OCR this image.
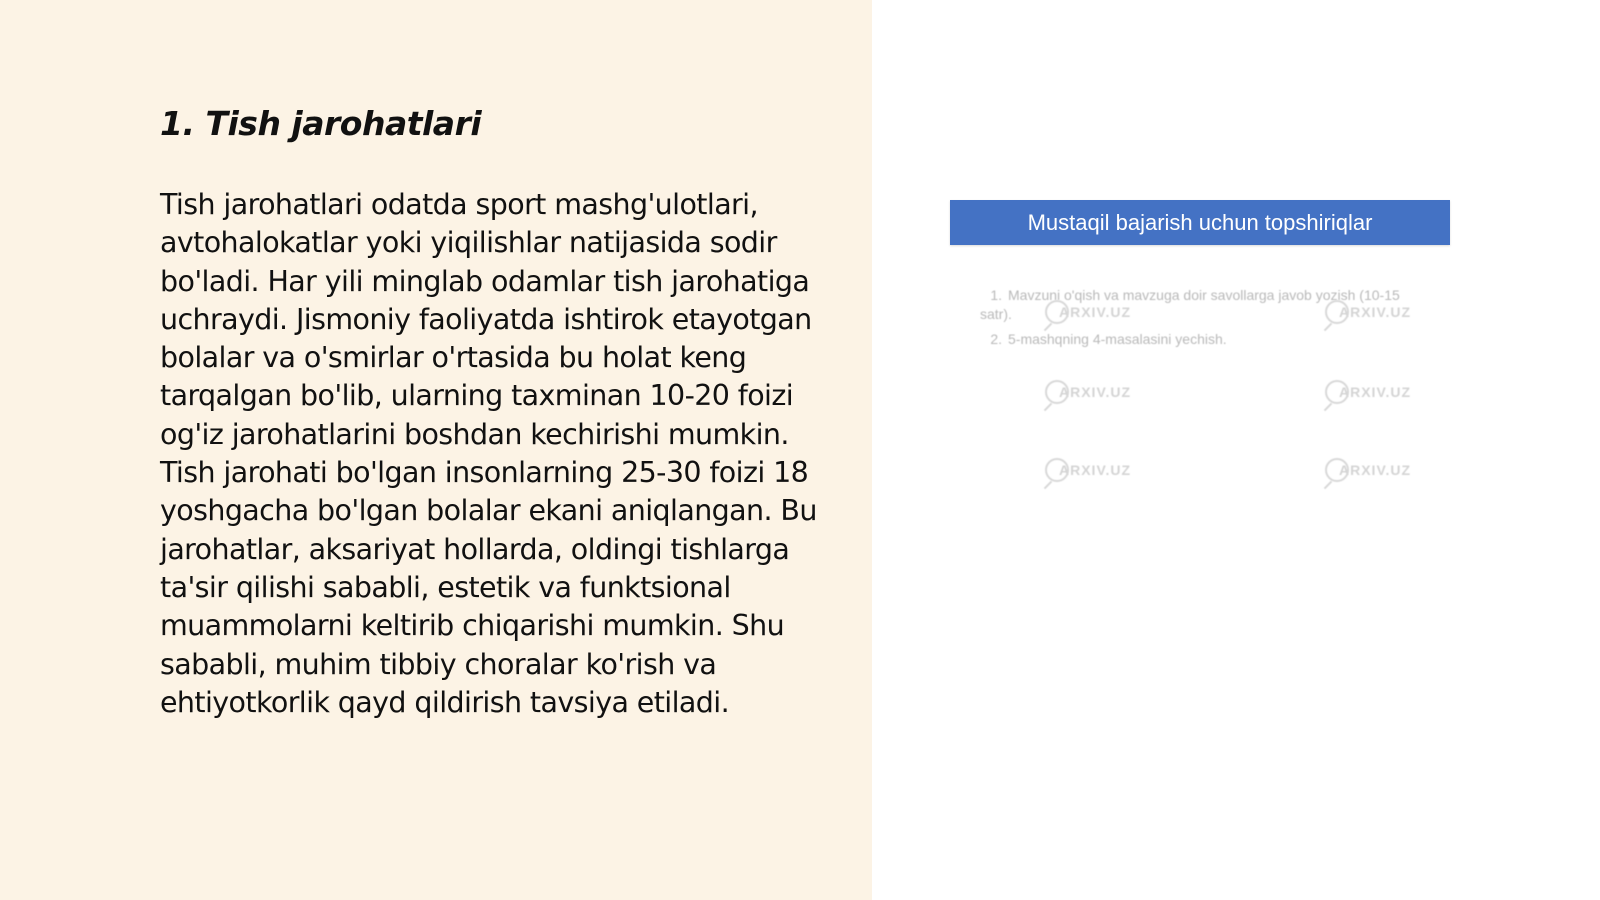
1. Tish jarohatlari

Tish jarohatlari odatda sport mashg'ulotlari, avtohalokatlar yoki yiqilishlar natijasida sodir bo'ladi. Har yili minglab odamlar tish jarohatiga uchraydi. Jismoniy faoliyatda ishtirok etayotgan bolalar va o'smirlar o'rtasida bu holat keng tarqalgan bo'lib, ularning taxminan 10-20 foizi og'iz jarohatlarini boshdan kechirishi mumkin. Tish jarohati bo'lgan insonlarning 25-30 foizi 18 yoshgacha bo'lgan bolalar ekani aniqlangan. Bu jarohatlar, aksariyat hollarda, oldingi tishlarga ta'sir qilishi sababli, estetik va funktsional muammolarni keltirib chiqarishi mumkin. Shu sababli, muhim tibbiy choralar ko'rish va ehtiyotkorlik qayd qildirish tavsiya etiladi.

Mustaqil bajarish uchun topshiriqlar
1. Mavzuni o'qish va mavzuga doir savollarga javob yozish (10-15 satr).
2. 5-mashqning 4-masalasini yechish.
ARXIV.UZ	ARXIV.UZ
ARXIV.UZ	ARXIV.UZ
ARXIV.UZ	ARXIV.UZ
